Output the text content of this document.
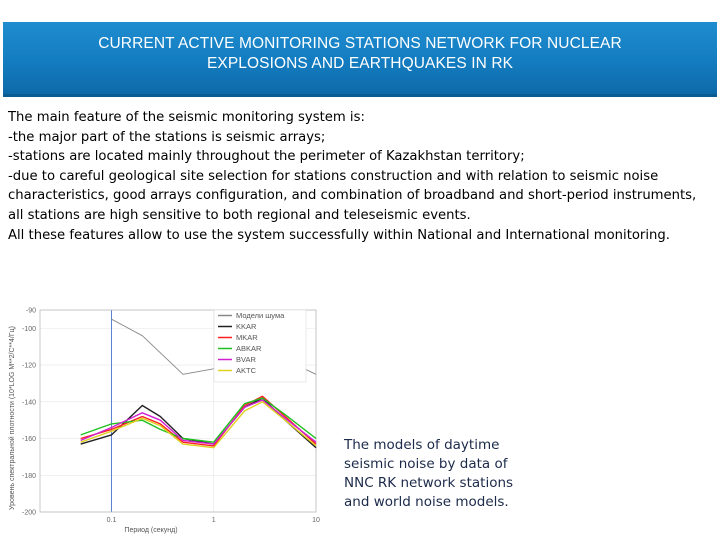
CURRENT ACTIVE MONITORING STATIONS NETWORK FOR NUCLEAR
EXPLOSIONS AND EARTHQUAKES IN RK
The main feature of the seismic monitoring system is:
-the major part of the stations is seismic arrays;
-stations are located mainly throughout the perimeter of Kazakhstan territory;
-due to careful geological site selection for stations construction and with relation to seismic noise characteristics, good arrays configuration, and combination of broadband and short-period instruments, all stations are high sensitive to both regional and teleseismic events.
All these features allow to use the system successfully within National and International monitoring.
-90
-100
-120
-140
-160
-180
-200
0.1	1	10
Модели шума
KKAR
MKAR
ABKAR
BVAR
AKTC
Уровень спектральной плотности (10*LOG М**2/С**4/Гц)
Период (секунд)
The models of daytime
seismic noise by data of
NNC RK network stations
and world noise models.
